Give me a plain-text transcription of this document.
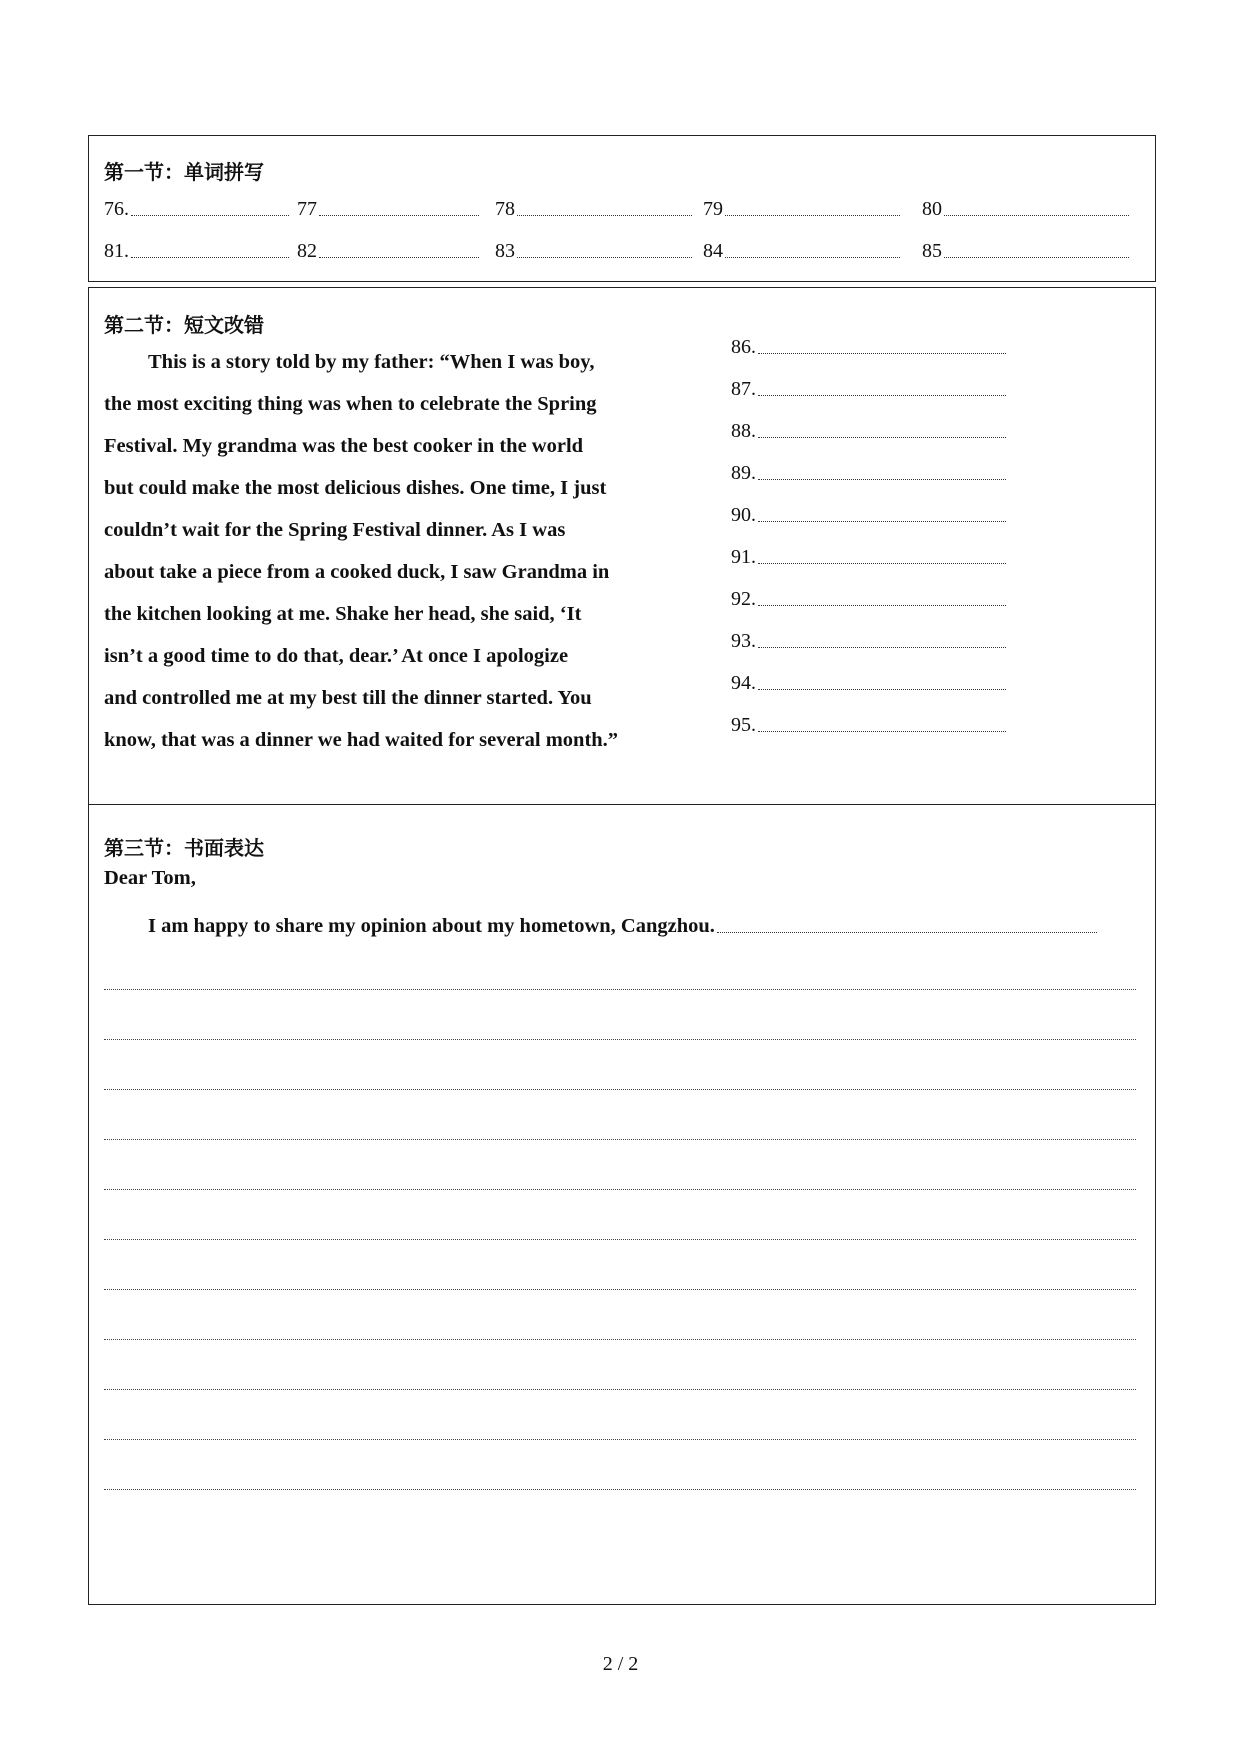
第一节：单词拼写
76.	77	78	79	80
81.	82	83	84	85
第二节：短文改错
This is a story told by my father: “When I was boy,
the most exciting thing was when to celebrate the Spring
Festival. My grandma was the best cooker in the world
but could make the most delicious dishes. One time, I just
couldn’t wait for the Spring Festival dinner. As I was
about take a piece from a cooked duck, I saw Grandma in
the kitchen looking at me. Shake her head, she said, ‘It
isn’t a good time to do that, dear.’ At once I apologize
and controlled me at my best till the dinner started. You
know, that was a dinner we had waited for several month.”
86.
87.
88.
89.
90.
91.
92.
93.
94.
95.
第三节：书面表达
Dear Tom,
I am happy to share my opinion about my hometown, Cangzhou.
2 / 2
